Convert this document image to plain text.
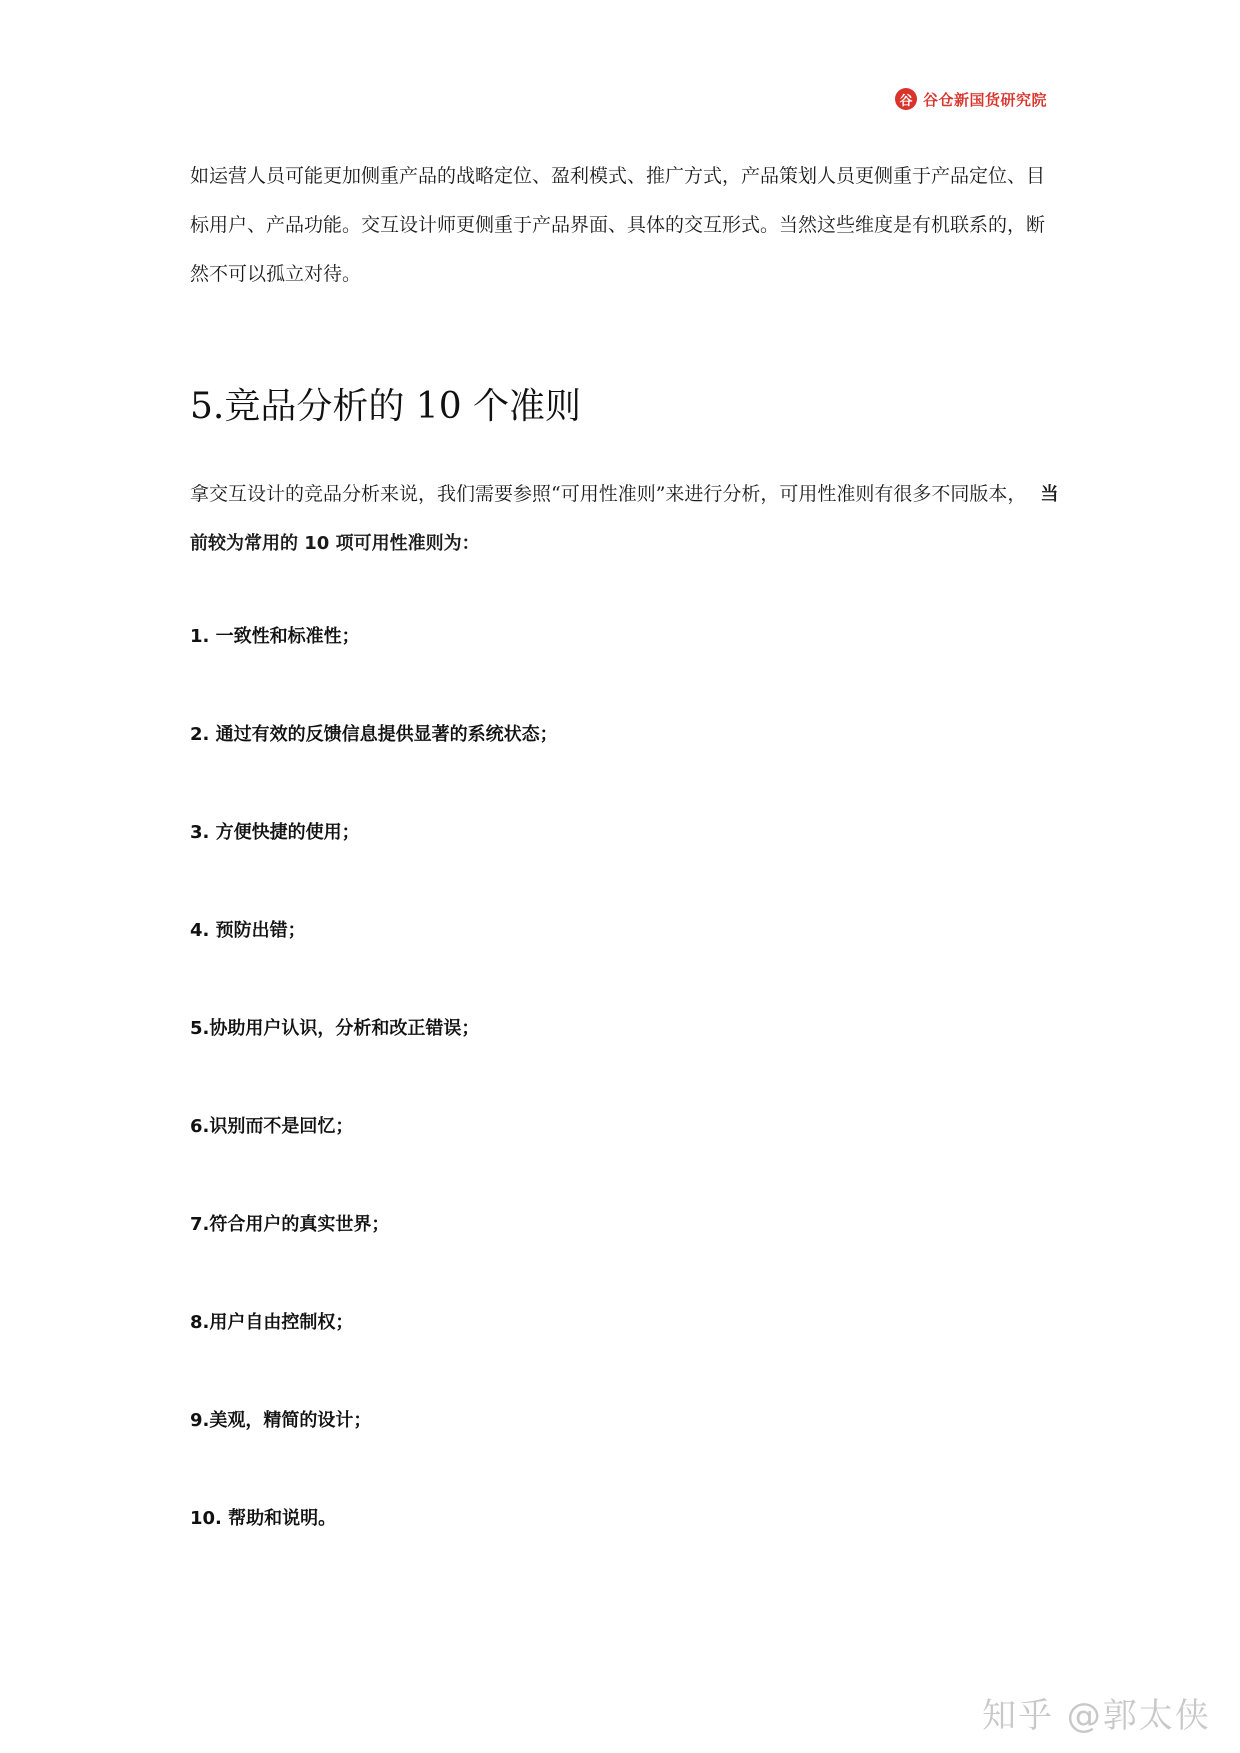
谷 谷仓新国货研究院

如运营人员可能更加侧重产品的战略定位、盈利模式、推广方式，产品策划人员更侧重于产品定位、目标用户、产品功能。交互设计师更侧重于产品界面、具体的交互形式。当然这些维度是有机联系的，断然不可以孤立对待。

5.竞品分析的 10 个准则

拿交互设计的竞品分析来说，我们需要参照“可用性准则”来进行分析，可用性准则有很多不同版本， 当前较为常用的 10 项可用性准则为：

1. 一致性和标准性；
2. 通过有效的反馈信息提供显著的系统状态；
3. 方便快捷的使用；
4. 预防出错；
5.协助用户认识，分析和改正错误；
6.识别而不是回忆；
7.符合用户的真实世界；
8.用户自由控制权；
9.美观，精简的设计；
10. 帮助和说明。
知乎 @郭太侠
